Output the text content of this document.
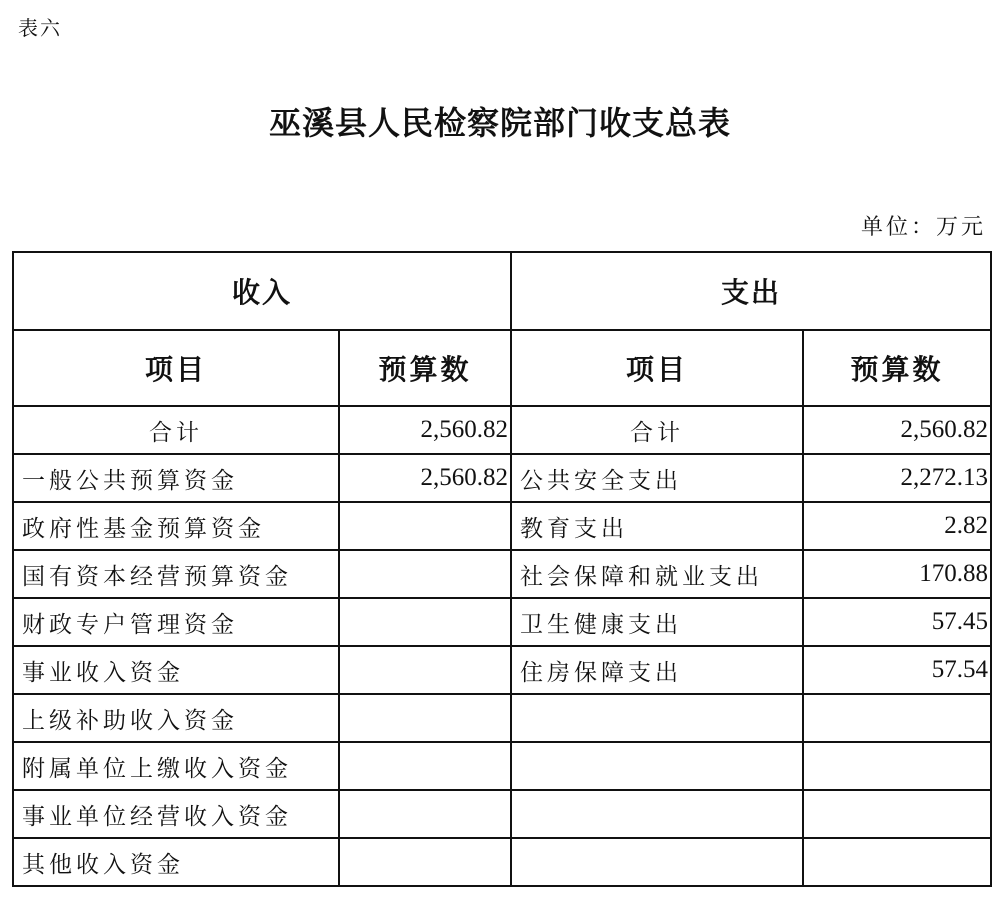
表六
巫溪县人民检察院部门收支总表
单位：万元
收入		支出	
项目	预算数	项目	预算数
合计	2,560.82	合计	2,560.82
一般公共预算资金	2,560.82	公共安全支出	2,272.13
政府性基金预算资金		教育支出	2.82
国有资本经营预算资金		社会保障和就业支出	170.88
财政专户管理资金		卫生健康支出	57.45
事业收入资金		住房保障支出	57.54
上级补助收入资金			
附属单位上缴收入资金			
事业单位经营收入资金			
其他收入资金			
